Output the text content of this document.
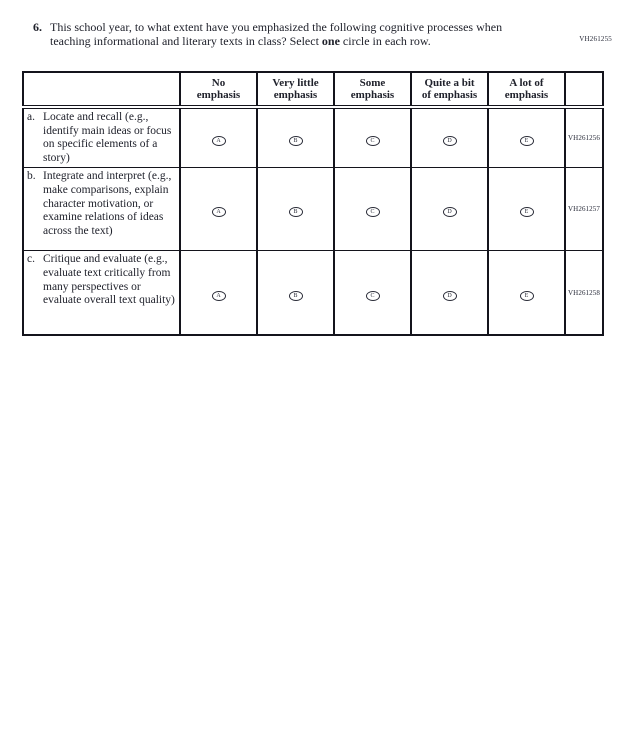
VH261255
6. This school year, to what extent have you emphasized the following cognitive processes when teaching informational and literary texts in class? Select one circle in each row.

	No emphasis	Very little emphasis	Some emphasis	Quite a bit of emphasis	A lot of emphasis	

a. Locate and recall (e.g., identify main ideas or focus on specific elements of a story)	A	B	C	D	E	VH261256

b. Integrate and interpret (e.g., make comparisons, explain character motivation, or examine relations of ideas across the text)	A	B	C	D	E	VH261257

c. Critique and evaluate (e.g., evaluate text critically from many perspectives or evaluate overall text quality)	A	B	C	D	E	VH261258
